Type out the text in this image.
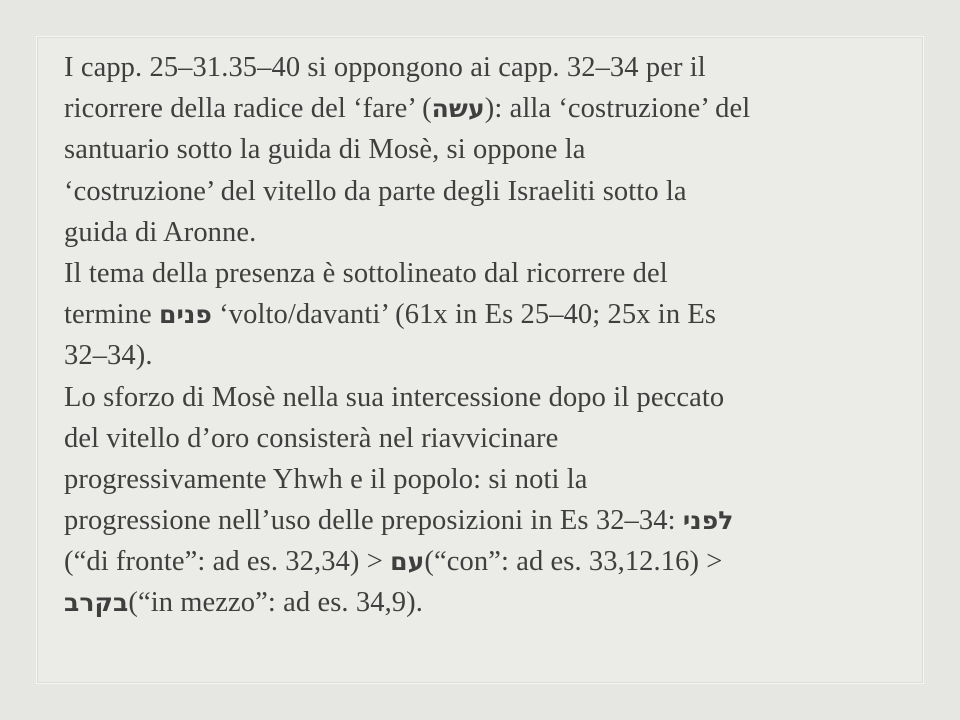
I capp. 25–31.35–40 si oppongono ai capp. 32–34 per il
ricorrere della radice del ‘fare’ (עשה): alla ‘costruzione’ del
santuario sotto la guida di Mosè, si oppone la
‘costruzione’ del vitello da parte degli Israeliti sotto la
guida di Aronne.
Il tema della presenza è sottolineato dal ricorrere del
termine פנים ‘volto/davanti’ (61x in Es 25–40; 25x in Es
32–34).
Lo sforzo di Mosè nella sua intercessione dopo il peccato
del vitello d’oro consisterà nel riavvicinare
progressivamente Yhwh e il popolo: si noti la
progressione nell’uso delle preposizioni in Es 32–34: לפני
(“di fronte”: ad es. 32,34) > עם(“con”: ad es. 33,12.16) >
בקרב(“in mezzo”: ad es. 34,9).
